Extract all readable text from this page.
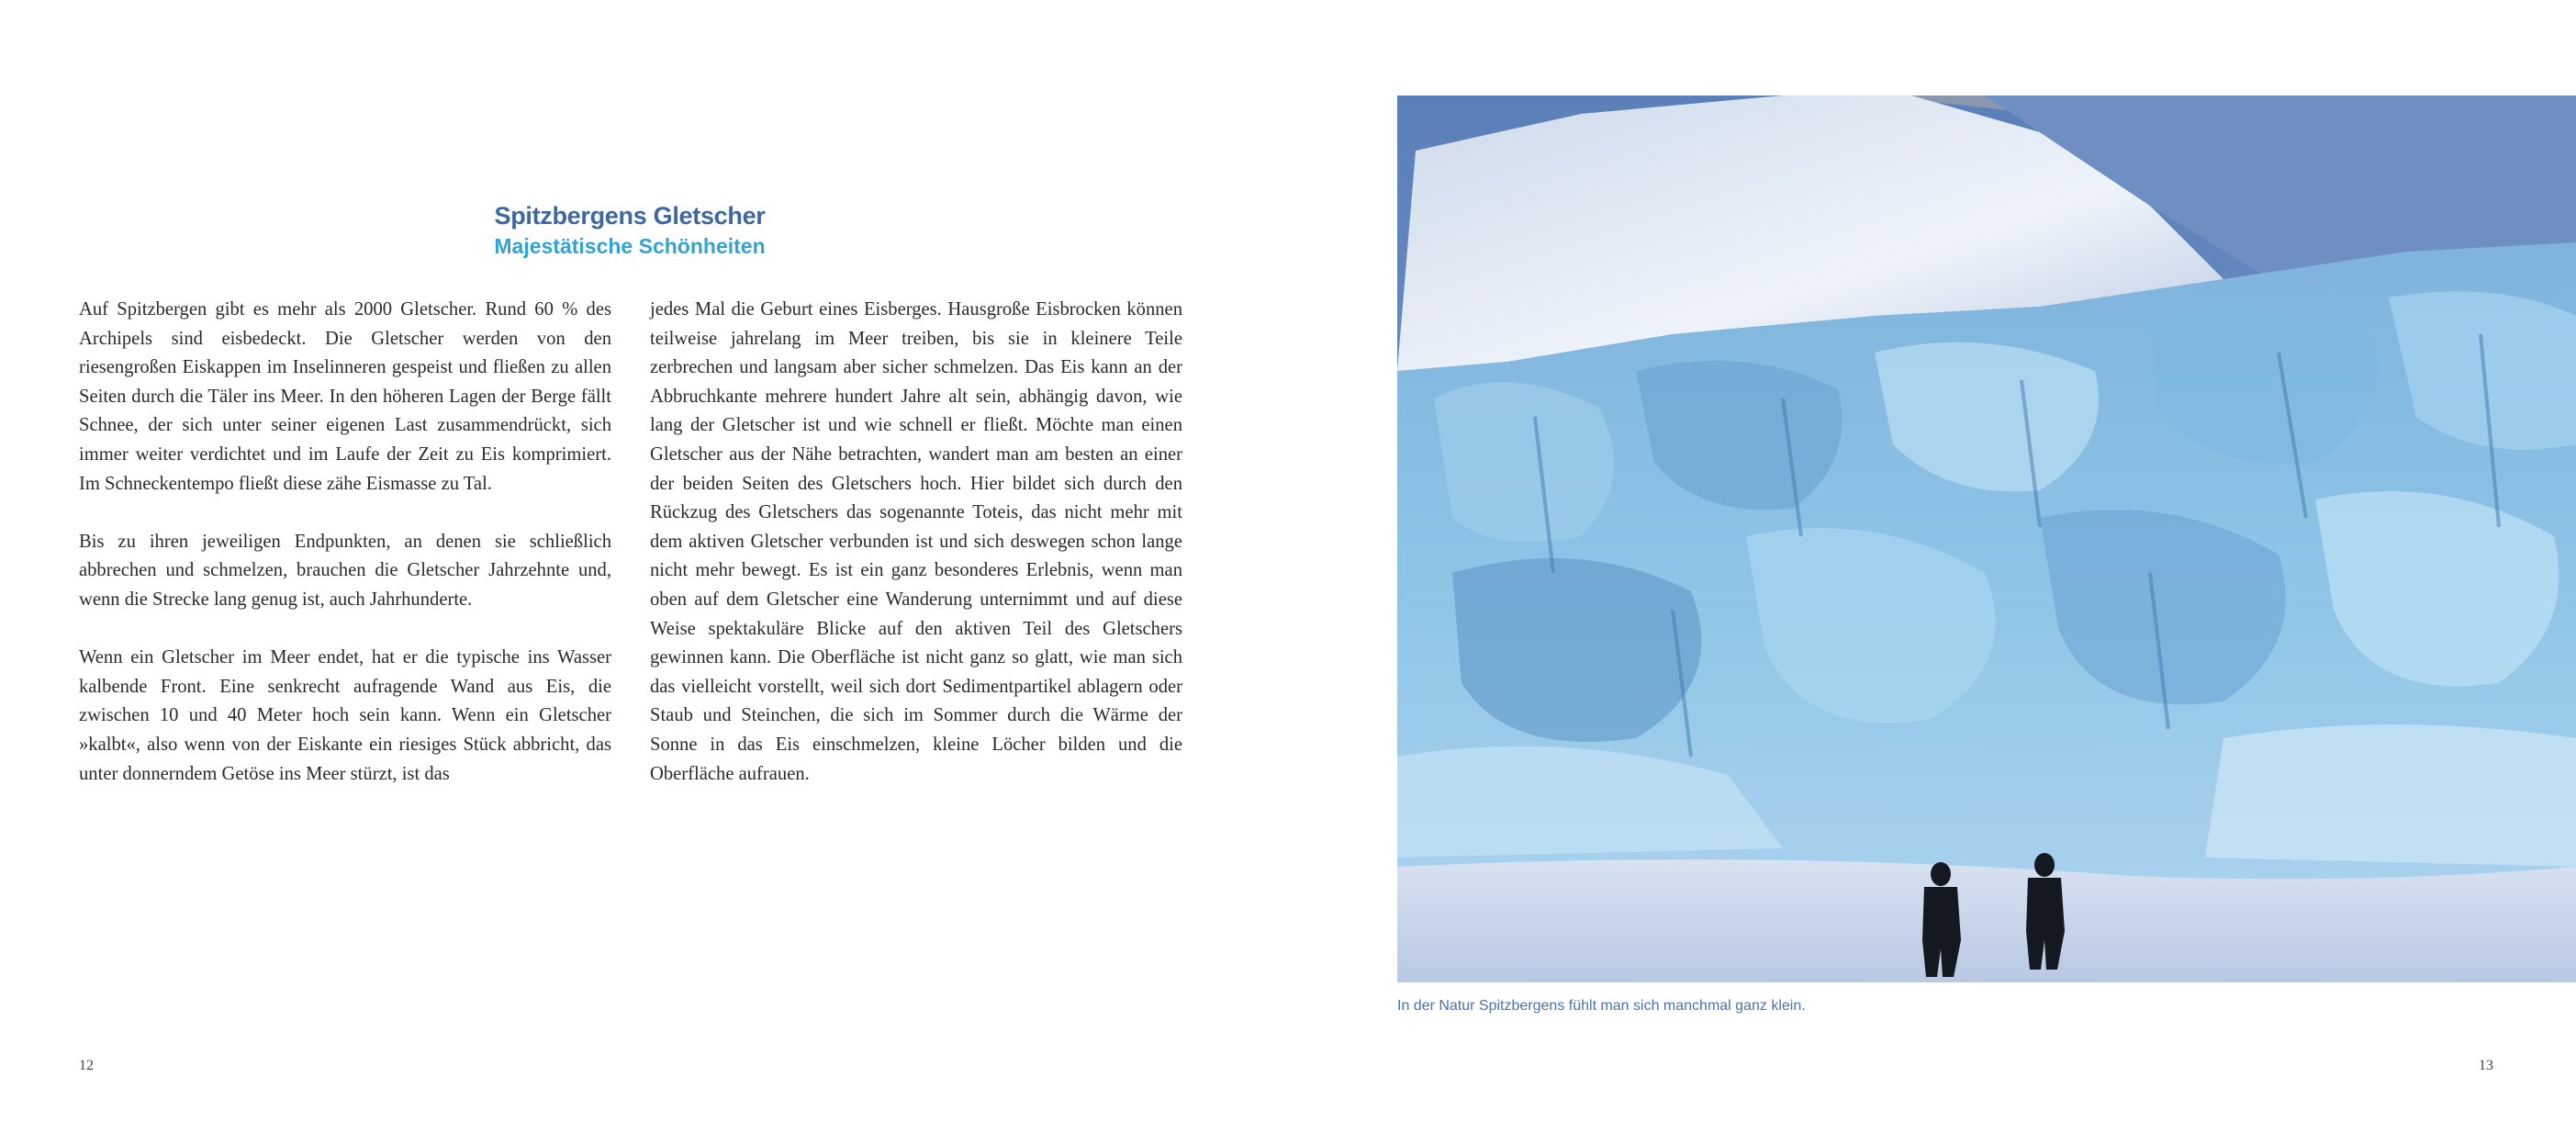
Spitzbergens Gletscher
Majestätische Schönheiten

Auf Spitzbergen gibt es mehr als 2000 Gletscher. Rund 60 % des Archipels sind eisbedeckt. Die Gletscher werden von den riesengroßen Eiskappen im Inselinneren gespeist und fließen zu allen Seiten durch die Täler ins Meer. In den höheren Lagen der Berge fällt Schnee, der sich unter seiner eigenen Last zusammendrückt, sich immer weiter verdichtet und im Laufe der Zeit zu Eis komprimiert. Im Schneckentempo fließt diese zähe Eismasse zu Tal.

Bis zu ihren jeweiligen Endpunkten, an denen sie schließlich abbrechen und schmelzen, brauchen die Gletscher Jahrzehnte und, wenn die Strecke lang genug ist, auch Jahrhunderte.

Wenn ein Gletscher im Meer endet, hat er die typische ins Wasser kalbende Front. Eine senkrecht aufragende Wand aus Eis, die zwischen 10 und 40 Meter hoch sein kann. Wenn ein Gletscher »kalbt«, also wenn von der Eiskante ein riesiges Stück abbricht, das unter donnerndem Getöse ins Meer stürzt, ist das

jedes Mal die Geburt eines Eisberges. Hausgroße Eisbrocken können teilweise jahrelang im Meer treiben, bis sie in kleinere Teile zerbrechen und langsam aber sicher schmelzen. Das Eis kann an der Abbruchkante mehrere hundert Jahre alt sein, abhängig davon, wie lang der Gletscher ist und wie schnell er fließt. Möchte man einen Gletscher aus der Nähe betrachten, wandert man am besten an einer der beiden Seiten des Gletschers hoch. Hier bildet sich durch den Rückzug des Gletschers das sogenannte Toteis, das nicht mehr mit dem aktiven Gletscher verbunden ist und sich deswegen schon lange nicht mehr bewegt. Es ist ein ganz besonderes Erlebnis, wenn man oben auf dem Gletscher eine Wanderung unternimmt und auf diese Weise spektakuläre Blicke auf den aktiven Teil des Gletschers gewinnen kann. Die Oberfläche ist nicht ganz so glatt, wie man sich das vielleicht vorstellt, weil sich dort Sedimentpartikel ablagern oder Staub und Steinchen, die sich im Sommer durch die Wärme der Sonne in das Eis einschmelzen, kleine Löcher bilden und die Oberfläche aufrauen.

12
In der Natur Spitzbergens fühlt man sich manchmal ganz klein.
13
